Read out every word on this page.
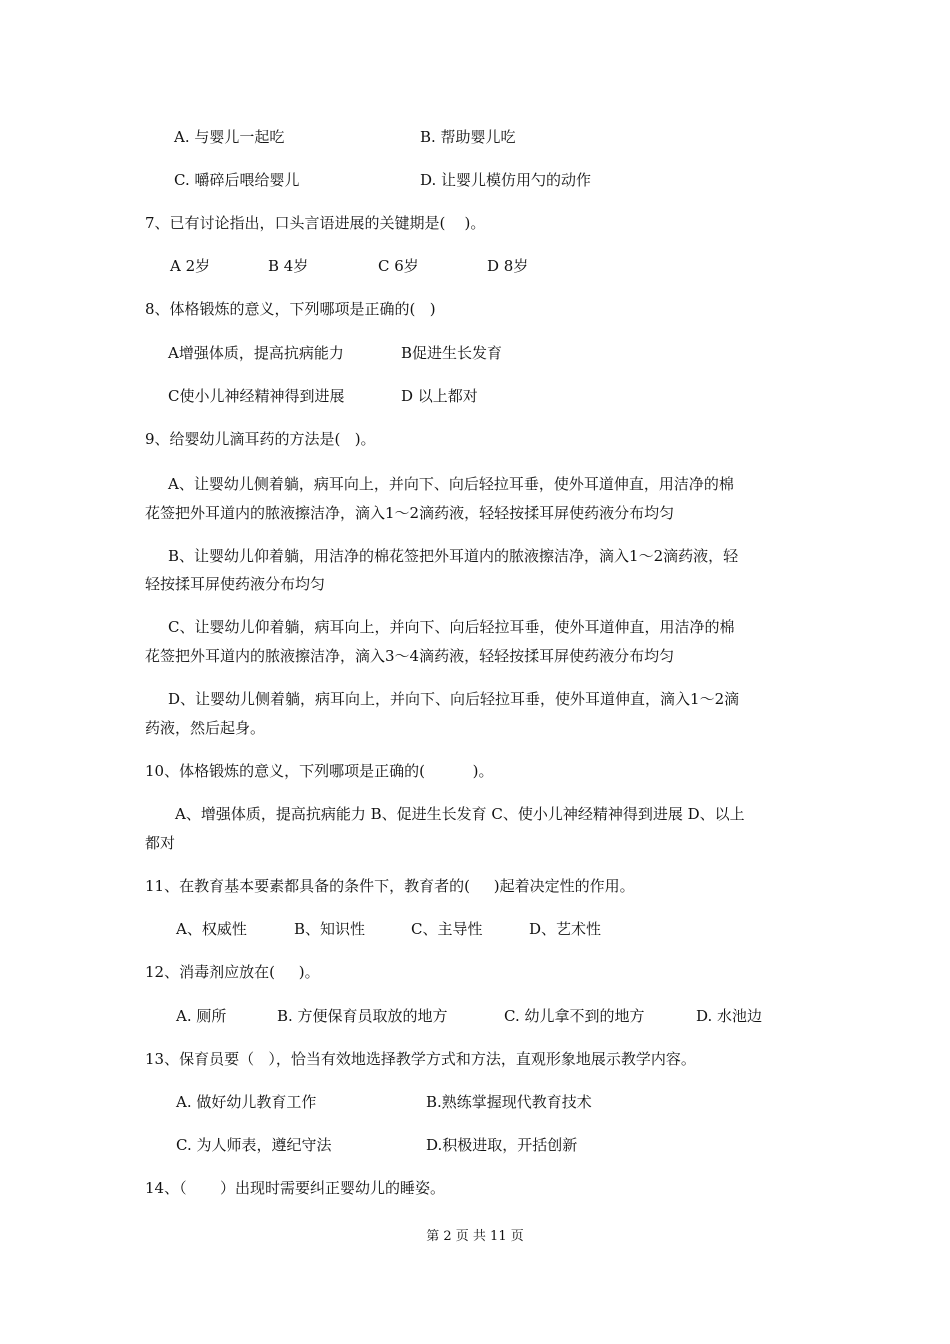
A. 与婴儿一起吃	B. 帮助婴儿吃
C. 嚼碎后喂给婴儿	D. 让婴儿模仿用勺的动作
7、已有讨论指出，口头言语进展的关键期是(    )。
A 2岁	B 4岁	C 6岁	D 8岁
8、体格锻炼的意义，下列哪项是正确的(   )
A增强体质，提高抗病能力	B促进生长发育
C使小儿神经精神得到进展	D 以上都对
9、给婴幼儿滴耳药的方法是(   )。
A、让婴幼儿侧着躺，病耳向上，并向下、向后轻拉耳垂，使外耳道伸直，用洁净的棉
花签把外耳道内的脓液擦洁净，滴入1～2滴药液，轻轻按揉耳屏使药液分布均匀
B、让婴幼儿仰着躺，用洁净的棉花签把外耳道内的脓液擦洁净，滴入1～2滴药液，轻
轻按揉耳屏使药液分布均匀
C、让婴幼儿仰着躺，病耳向上，并向下、向后轻拉耳垂，使外耳道伸直，用洁净的棉
花签把外耳道内的脓液擦洁净，滴入3～4滴药液，轻轻按揉耳屏使药液分布均匀
D、让婴幼儿侧着躺，病耳向上，并向下、向后轻拉耳垂，使外耳道伸直，滴入1～2滴
药液，然后起身。
10、体格锻炼的意义，下列哪项是正确的(          )。
A、增强体质，提高抗病能力 B、促进生长发育 C、使小儿神经精神得到进展 D、以上
都对
11、在教育基本要素都具备的条件下，教育者的(     )起着决定性的作用。
A、权威性	B、知识性	C、主导性	D、艺术性
12、消毒剂应放在(     )。
A. 厕所	B. 方便保育员取放的地方	C. 幼儿拿不到的地方	D. 水池边
13、保育员要（   ），恰当有效地选择教学方式和方法，直观形象地展示教学内容。
A. 做好幼儿教育工作	B.熟练掌握现代教育技术
C. 为人师表，遵纪守法	D.积极进取，开括创新
14、（       ）出现时需要纠正婴幼儿的睡姿。
第 2 页 共 11 页
